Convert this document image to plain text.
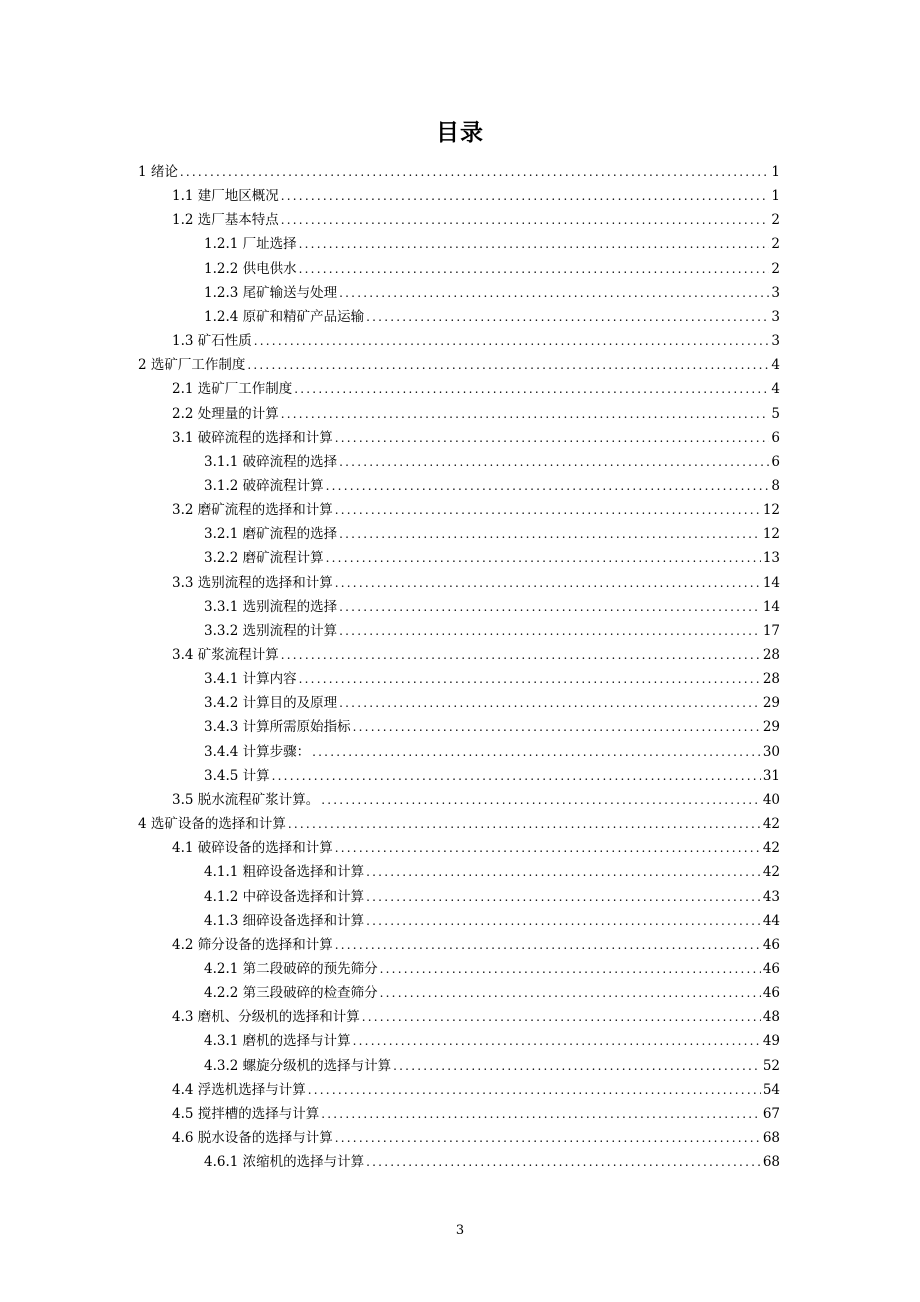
目录
1 绪论 .....	1
1.1 建厂地区概况 .....	1
1.2 选厂基本特点 .....	2
1.2.1 厂址选择 .....	2
1.2.2 供电供水 .....	2
1.2.3 尾矿输送与处理 .....	3
1.2.4 原矿和精矿产品运输 .....	3
1.3 矿石性质 .....	3
2 选矿厂工作制度 .....	4
2.1 选矿厂工作制度 .....	4
2.2 处理量的计算 .....	5
3.1 破碎流程的选择和计算 .....	6
3.1.1 破碎流程的选择 .....	6
3.1.2 破碎流程计算 .....	8
3.2 磨矿流程的选择和计算 .....	12
3.2.1 磨矿流程的选择 .....	12
3.2.2 磨矿流程计算 .....	13
3.3 选别流程的选择和计算 .....	14
3.3.1 选别流程的选择 .....	14
3.3.2 选别流程的计算 .....	17
3.4 矿浆流程计算 .....	28
3.4.1 计算内容 .....	28
3.4.2 计算目的及原理 .....	29
3.4.3 计算所需原始指标 .....	29
3.4.4 计算步骤： .....	30
3.4.5 计算 .....	31
3.5 脱水流程矿浆计算。 .....	40
4 选矿设备的选择和计算 .....	42
4.1 破碎设备的选择和计算 .....	42
4.1.1 粗碎设备选择和计算 .....	42
4.1.2 中碎设备选择和计算 .....	43
4.1.3 细碎设备选择和计算 .....	44
4.2 筛分设备的选择和计算 .....	46
4.2.1 第二段破碎的预先筛分 .....	46
4.2.2 第三段破碎的检查筛分 .....	46
4.3 磨机、分级机的选择和计算 .....	48
4.3.1 磨机的选择与计算 .....	49
4.3.2 螺旋分级机的选择与计算 .....	52
4.4 浮选机选择与计算 .....	54
4.5 搅拌槽的选择与计算 .....	67
4.6 脱水设备的选择与计算 .....	68
4.6.1 浓缩机的选择与计算 .....	68
3
